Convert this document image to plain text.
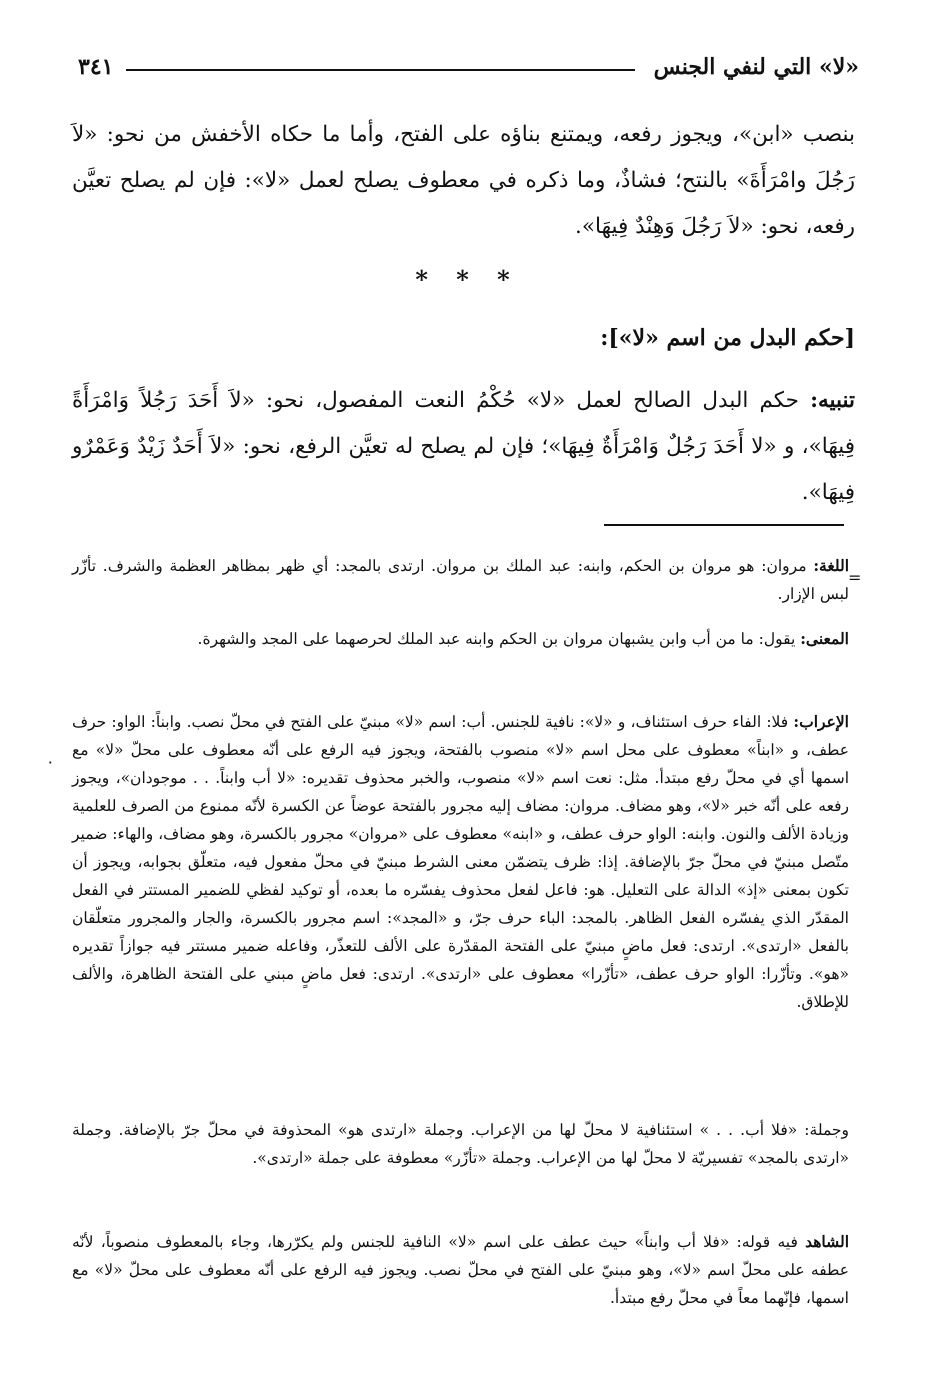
«لا» التي لنفي الجنس
٣٤١

بنصب «ابن»، ويجوز رفعه، ويمتنع بناؤه على الفتح، وأما ما حكاه الأخفش من نحو: «لاَ رَجُلَ وامْرَأَةَ» بالنتح؛ فشاذٌ، وما ذكره في معطوف يصلح لعمل «لا»: فإن لم يصلح تعيَّن رفعه، نحو: «لاَ رَجُلَ وَهِنْدٌ فِيهَا».

* * *
[حكم البدل من اسم «لا»]:

تنبيه: حكم البدل الصالح لعمل «لا» حُكْمُ النعت المفصول، نحو: «لاَ أَحَدَ رَجُلاً وَامْرَأَةً فِيهَا»، و «لا أَحَدَ رَجُلٌ وَامْرَأَةٌ فِيهَا»؛ فإن لم يصلح له تعيَّن الرفع، نحو: «لاَ أَحَدٌ زَيْدٌ وَعَمْرٌو فِيهَا».

=
٠

اللغة: مروان: هو مروان بن الحكم، وابنه: عبد الملك بن مروان. ارتدى بالمجد: أي ظهر بمظاهر العظمة والشرف. تأزّر لبس الإزار.

المعنى: يقول: ما من أب وابن يشبهان مروان بن الحكم وابنه عبد الملك لحرصهما على المجد والشهرة.

الإعراب: فلا: الفاء حرف استئناف، و «لا»: نافية للجنس. أب: اسم «لا» مبنيّ على الفتح في محلّ نصب. وابناً: الواو: حرف عطف، و «ابناً» معطوف على محل اسم «لا» منصوب بالفتحة، ويجوز فيه الرفع على أنّه معطوف على محلّ «لا» مع اسمها أي في محلّ رفع مبتدأ. مثل: نعت اسم «لا» منصوب، والخبر محذوف تقديره: «لا أب وابناً. . . موجودان»، ويجوز رفعه على أنّه خبر «لا»، وهو مضاف. مروان: مضاف إليه مجرور بالفتحة عوضاً عن الكسرة لأنّه ممنوع من الصرف للعلمية وزيادة الألف والنون. وابنه: الواو حرف عطف، و «ابنه» معطوف على «مروان» مجرور بالكسرة، وهو مضاف، والهاء: ضمير متّصل مبنيّ في محلّ جرّ بالإضافة. إذا: ظرف يتضمّن معنى الشرط مبنيّ في محلّ مفعول فيه، متعلّق بجوابه، ويجوز أن تكون بمعنى «إذ» الدالة على التعليل. هو: فاعل لفعل محذوف يفسّره ما بعده، أو توكيد لفظي للضمير المستتر في الفعل المقدّر الذي يفسّره الفعل الظاهر. بالمجد: الباء حرف جرّ، و «المجد»: اسم مجرور بالكسرة، والجار والمجرور متعلّقان بالفعل «ارتدى». ارتدى: فعل ماضٍ مبنيّ على الفتحة المقدّرة على الألف للتعذّر، وفاعله ضمير مستتر فيه جوازاً تقديره «هو». وتأزّرا: الواو حرف عطف، «تأزّرا» معطوف على «ارتدى». ارتدى: فعل ماضٍ مبني على الفتحة الظاهرة، والألف للإطلاق.

وجملة: «فلا أب. . . » استئنافية لا محلّ لها من الإعراب. وجملة «ارتدى هو» المحذوفة في محلّ جرّ بالإضافة. وجملة «ارتدى بالمجد» تفسيريّة لا محلّ لها من الإعراب. وجملة «تأزّر» معطوفة على جملة «ارتدى».

الشاهد فيه قوله: «فلا أب وابناً» حيث عطف على اسم «لا» النافية للجنس ولم يكرّرها، وجاء بالمعطوف منصوباً، لأنّه عطفه على محلّ اسم «لا»، وهو مبنيّ على الفتح في محلّ نصب. ويجوز فيه الرفع على أنّه معطوف على محلّ «لا» مع اسمها، فإنّهما معاً في محلّ رفع مبتدأ.
